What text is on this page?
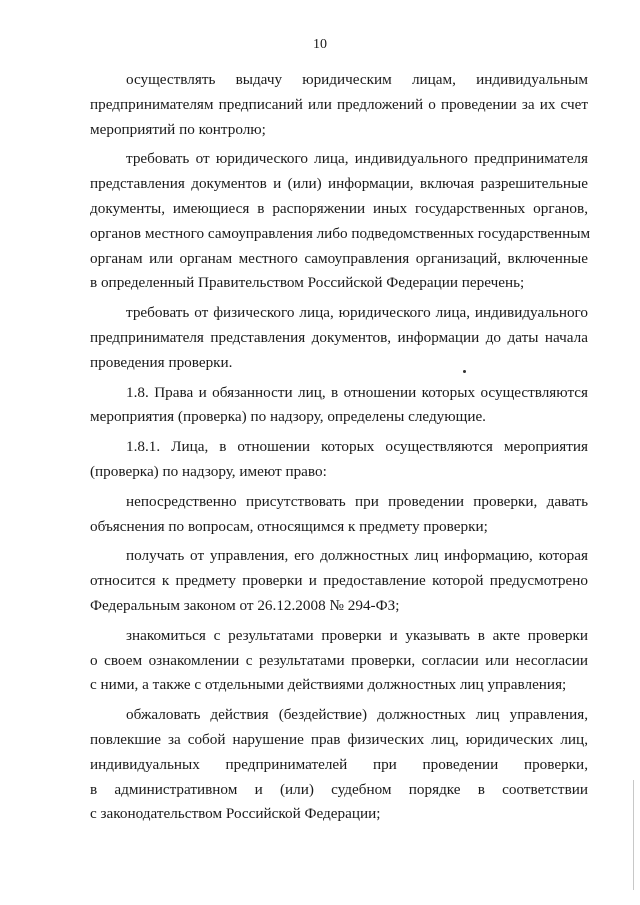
10
осуществлять выдачу юридическим лицам, индивидуальным
предпринимателям предписаний или предложений о проведении за их счет
мероприятий по контролю;
требовать от юридического лица, индивидуального предпринимателя
представления документов и (или) информации, включая разрешительные
документы, имеющиеся в распоряжении иных государственных органов,
органов местного самоуправления либо подведомственных государственным
органам или органам местного самоуправления организаций, включенные
в определенный Правительством Российской Федерации перечень;
требовать от физического лица, юридического лица, индивидуального
предпринимателя представления документов, информации до даты начала
проведения проверки.
1.8. Права и обязанности лиц, в отношении которых осуществляются
мероприятия (проверка) по надзору, определены следующие.
1.8.1. Лица, в отношении которых осуществляются мероприятия
(проверка) по надзору, имеют право:
непосредственно присутствовать при проведении проверки, давать
объяснения по вопросам, относящимся к предмету проверки;
получать от управления, его должностных лиц информацию, которая
относится к предмету проверки и предоставление которой предусмотрено
Федеральным законом от 26.12.2008 № 294-ФЗ;
знакомиться с результатами проверки и указывать в акте проверки
о своем ознакомлении с результатами проверки, согласии или несогласии
с ними, а также с отдельными действиями должностных лиц управления;
обжаловать действия (бездействие) должностных лиц управления,
повлекшие за собой нарушение прав физических лиц, юридических лиц,
индивидуальных предпринимателей при проведении проверки,
в административном и (или) судебном порядке в соответствии
с законодательством Российской Федерации;
